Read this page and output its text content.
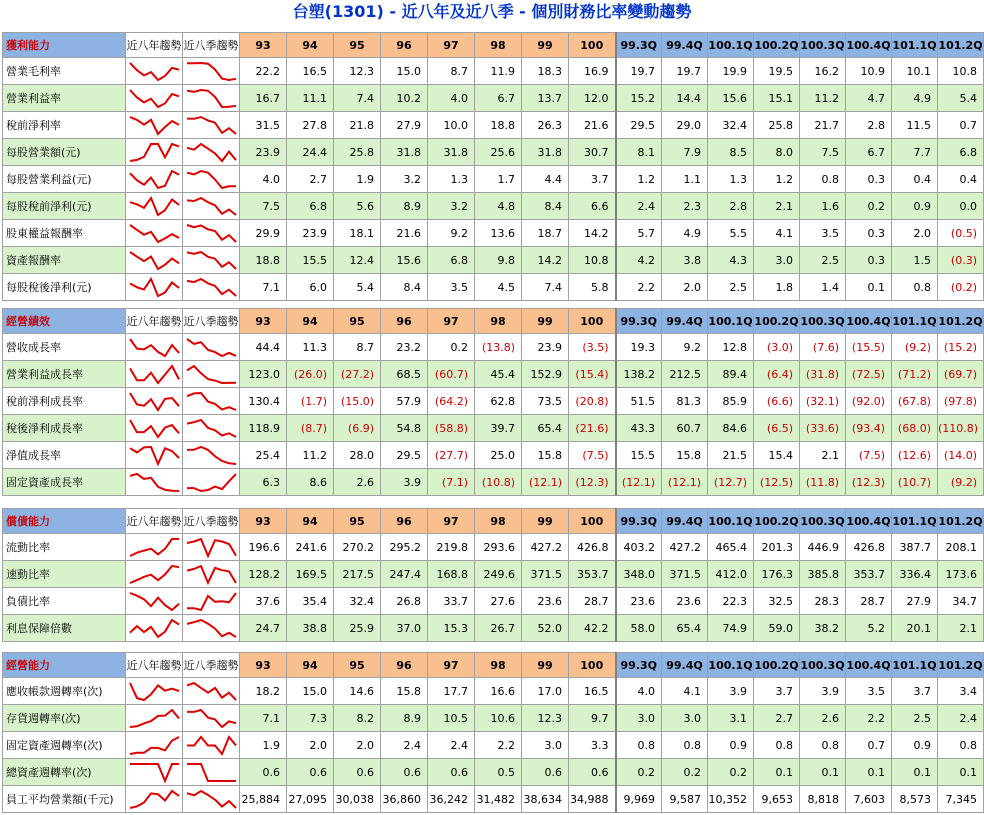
台塑(1301) - 近八年及近八季 - 個別財務比率變動趨勢
獲利能力	近八年趨勢	近八季趨勢	93	94	95	96	97	98	99	100	99.3Q	99.4Q	100.1Q	100.2Q	100.3Q	100.4Q	101.1Q	101.2Q
營業毛利率			22.2	16.5	12.3	15.0	8.7	11.9	18.3	16.9	19.7	19.7	19.9	19.5	16.2	10.9	10.1	10.8
營業利益率			16.7	11.1	7.4	10.2	4.0	6.7	13.7	12.0	15.2	14.4	15.6	15.1	11.2	4.7	4.9	5.4
稅前淨利率			31.5	27.8	21.8	27.9	10.0	18.8	26.3	21.6	29.5	29.0	32.4	25.8	21.7	2.8	11.5	0.7
每股營業額(元)			23.9	24.4	25.8	31.8	31.8	25.6	31.8	30.7	8.1	7.9	8.5	8.0	7.5	6.7	7.7	6.8
每股營業利益(元)			4.0	2.7	1.9	3.2	1.3	1.7	4.4	3.7	1.2	1.1	1.3	1.2	0.8	0.3	0.4	0.4
每股稅前淨利(元)			7.5	6.8	5.6	8.9	3.2	4.8	8.4	6.6	2.4	2.3	2.8	2.1	1.6	0.2	0.9	0.0
股東權益報酬率			29.9	23.9	18.1	21.6	9.2	13.6	18.7	14.2	5.7	4.9	5.5	4.1	3.5	0.3	2.0	(0.5)
資產報酬率			18.8	15.5	12.4	15.6	6.8	9.8	14.2	10.8	4.2	3.8	4.3	3.0	2.5	0.3	1.5	(0.3)
每股稅後淨利(元)			7.1	6.0	5.4	8.4	3.5	4.5	7.4	5.8	2.2	2.0	2.5	1.8	1.4	0.1	0.8	(0.2)
經營績效	近八年趨勢	近八季趨勢	93	94	95	96	97	98	99	100	99.3Q	99.4Q	100.1Q	100.2Q	100.3Q	100.4Q	101.1Q	101.2Q
營收成長率			44.4	11.3	8.7	23.2	0.2	(13.8)	23.9	(3.5)	19.3	9.2	12.8	(3.0)	(7.6)	(15.5)	(9.2)	(15.2)
營業利益成長率			123.0	(26.0)	(27.2)	68.5	(60.7)	45.4	152.9	(15.4)	138.2	212.5	89.4	(6.4)	(31.8)	(72.5)	(71.2)	(69.7)
稅前淨利成長率			130.4	(1.7)	(15.0)	57.9	(64.2)	62.8	73.5	(20.8)	51.5	81.3	85.9	(6.6)	(32.1)	(92.0)	(67.8)	(97.8)
稅後淨利成長率			118.9	(8.7)	(6.9)	54.8	(58.8)	39.7	65.4	(21.6)	43.3	60.7	84.6	(6.5)	(33.6)	(93.4)	(68.0)	(110.8)
淨值成長率			25.4	11.2	28.0	29.5	(27.7)	25.0	15.8	(7.5)	15.5	15.8	21.5	15.4	2.1	(7.5)	(12.6)	(14.0)
固定資產成長率			6.3	8.6	2.6	3.9	(7.1)	(10.8)	(12.1)	(12.3)	(12.1)	(12.1)	(12.7)	(12.5)	(11.8)	(12.3)	(10.7)	(9.2)
償債能力	近八年趨勢	近八季趨勢	93	94	95	96	97	98	99	100	99.3Q	99.4Q	100.1Q	100.2Q	100.3Q	100.4Q	101.1Q	101.2Q
流動比率			196.6	241.6	270.2	295.2	219.8	293.6	427.2	426.8	403.2	427.2	465.4	201.3	446.9	426.8	387.7	208.1
速動比率			128.2	169.5	217.5	247.4	168.8	249.6	371.5	353.7	348.0	371.5	412.0	176.3	385.8	353.7	336.4	173.6
負債比率			37.6	35.4	32.4	26.8	33.7	27.6	23.6	28.7	23.6	23.6	22.3	32.5	28.3	28.7	27.9	34.7
利息保障倍數			24.7	38.8	25.9	37.0	15.3	26.7	52.0	42.2	58.0	65.4	74.9	59.0	38.2	5.2	20.1	2.1
經營能力	近八年趨勢	近八季趨勢	93	94	95	96	97	98	99	100	99.3Q	99.4Q	100.1Q	100.2Q	100.3Q	100.4Q	101.1Q	101.2Q
應收帳款週轉率(次)			18.2	15.0	14.6	15.8	17.7	16.6	17.0	16.5	4.0	4.1	3.9	3.7	3.9	3.5	3.7	3.4
存貨週轉率(次)			7.1	7.3	8.2	8.9	10.5	10.6	12.3	9.7	3.0	3.0	3.1	2.7	2.6	2.2	2.5	2.4
固定資產週轉率(次)			1.9	2.0	2.0	2.4	2.4	2.2	3.0	3.3	0.8	0.8	0.9	0.8	0.8	0.7	0.9	0.8
總資產週轉率(次)			0.6	0.6	0.6	0.6	0.6	0.5	0.6	0.6	0.2	0.2	0.2	0.1	0.1	0.1	0.1	0.1
員工平均營業額(千元)			25,884	27,095	30,038	36,860	36,242	31,482	38,634	34,988	9,969	9,587	10,352	9,653	8,818	7,603	8,573	7,345
